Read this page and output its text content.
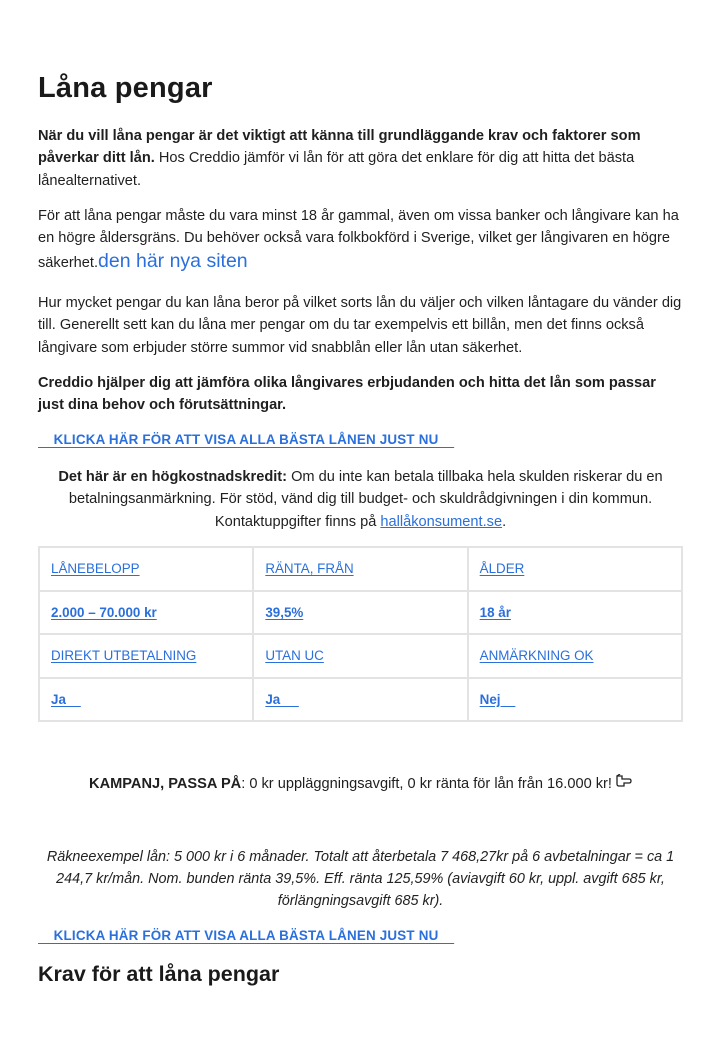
Låna pengar

När du vill låna pengar är det viktigt att känna till grundläggande krav och faktorer som påverkar ditt lån. Hos Creddio jämför vi lån för att göra det enklare för dig att hitta det bästa lånealternativet.

För att låna pengar måste du vara minst 18 år gammal, även om vissa banker och långivare kan ha en högre åldersgräns. Du behöver också vara folkbokförd i Sverige, vilket ger långivaren en högre säkerhet.den här nya siten

Hur mycket pengar du kan låna beror på vilket sorts lån du väljer och vilken låntagare du vänder dig till. Generellt sett kan du låna mer pengar om du tar exempelvis ett billån, men det finns också långivare som erbjuder större summor vid snabblån eller lån utan säkerhet.

Creddio hjälper dig att jämföra olika långivares erbjudanden och hitta det lån som passar just dina behov och förutsättningar.

KLICKA HÄR FÖR ATT VISA ALLA BÄSTA LÅNEN JUST NU

Det här är en högkostnadskredit: Om du inte kan betala tillbaka hela skulden riskerar du en betalningsanmärkning. För stöd, vänd dig till budget- och skuldrådgivningen i din kommun. Kontaktuppgifter finns på hallåkonsument.se.

LÅNEBELOPP	RÄNTA, FRÅN	ÅLDER
2.000 – 70.000 kr	39,5%	18 år
DIREKT UTBETALNING	UTAN UC	ANMÄRKNING OK
Ja	Ja	Nej
KAMPANJ, PASSA PÅ: 0 kr uppläggningsavgift, 0 kr ränta för lån från 16.000 kr!

Räkneexempel lån: 5 000 kr i 6 månader. Totalt att återbetala 7 468,27kr på 6 avbetalningar = ca 1 244,7 kr/mån. Nom. bunden ränta 39,5%. Eff. ränta 125,59% (aviavgift 60 kr, uppl. avgift 685 kr, förlängningsavgift 685 kr).

KLICKA HÄR FÖR ATT VISA ALLA BÄSTA LÅNEN JUST NU
Krav för att låna pengar
